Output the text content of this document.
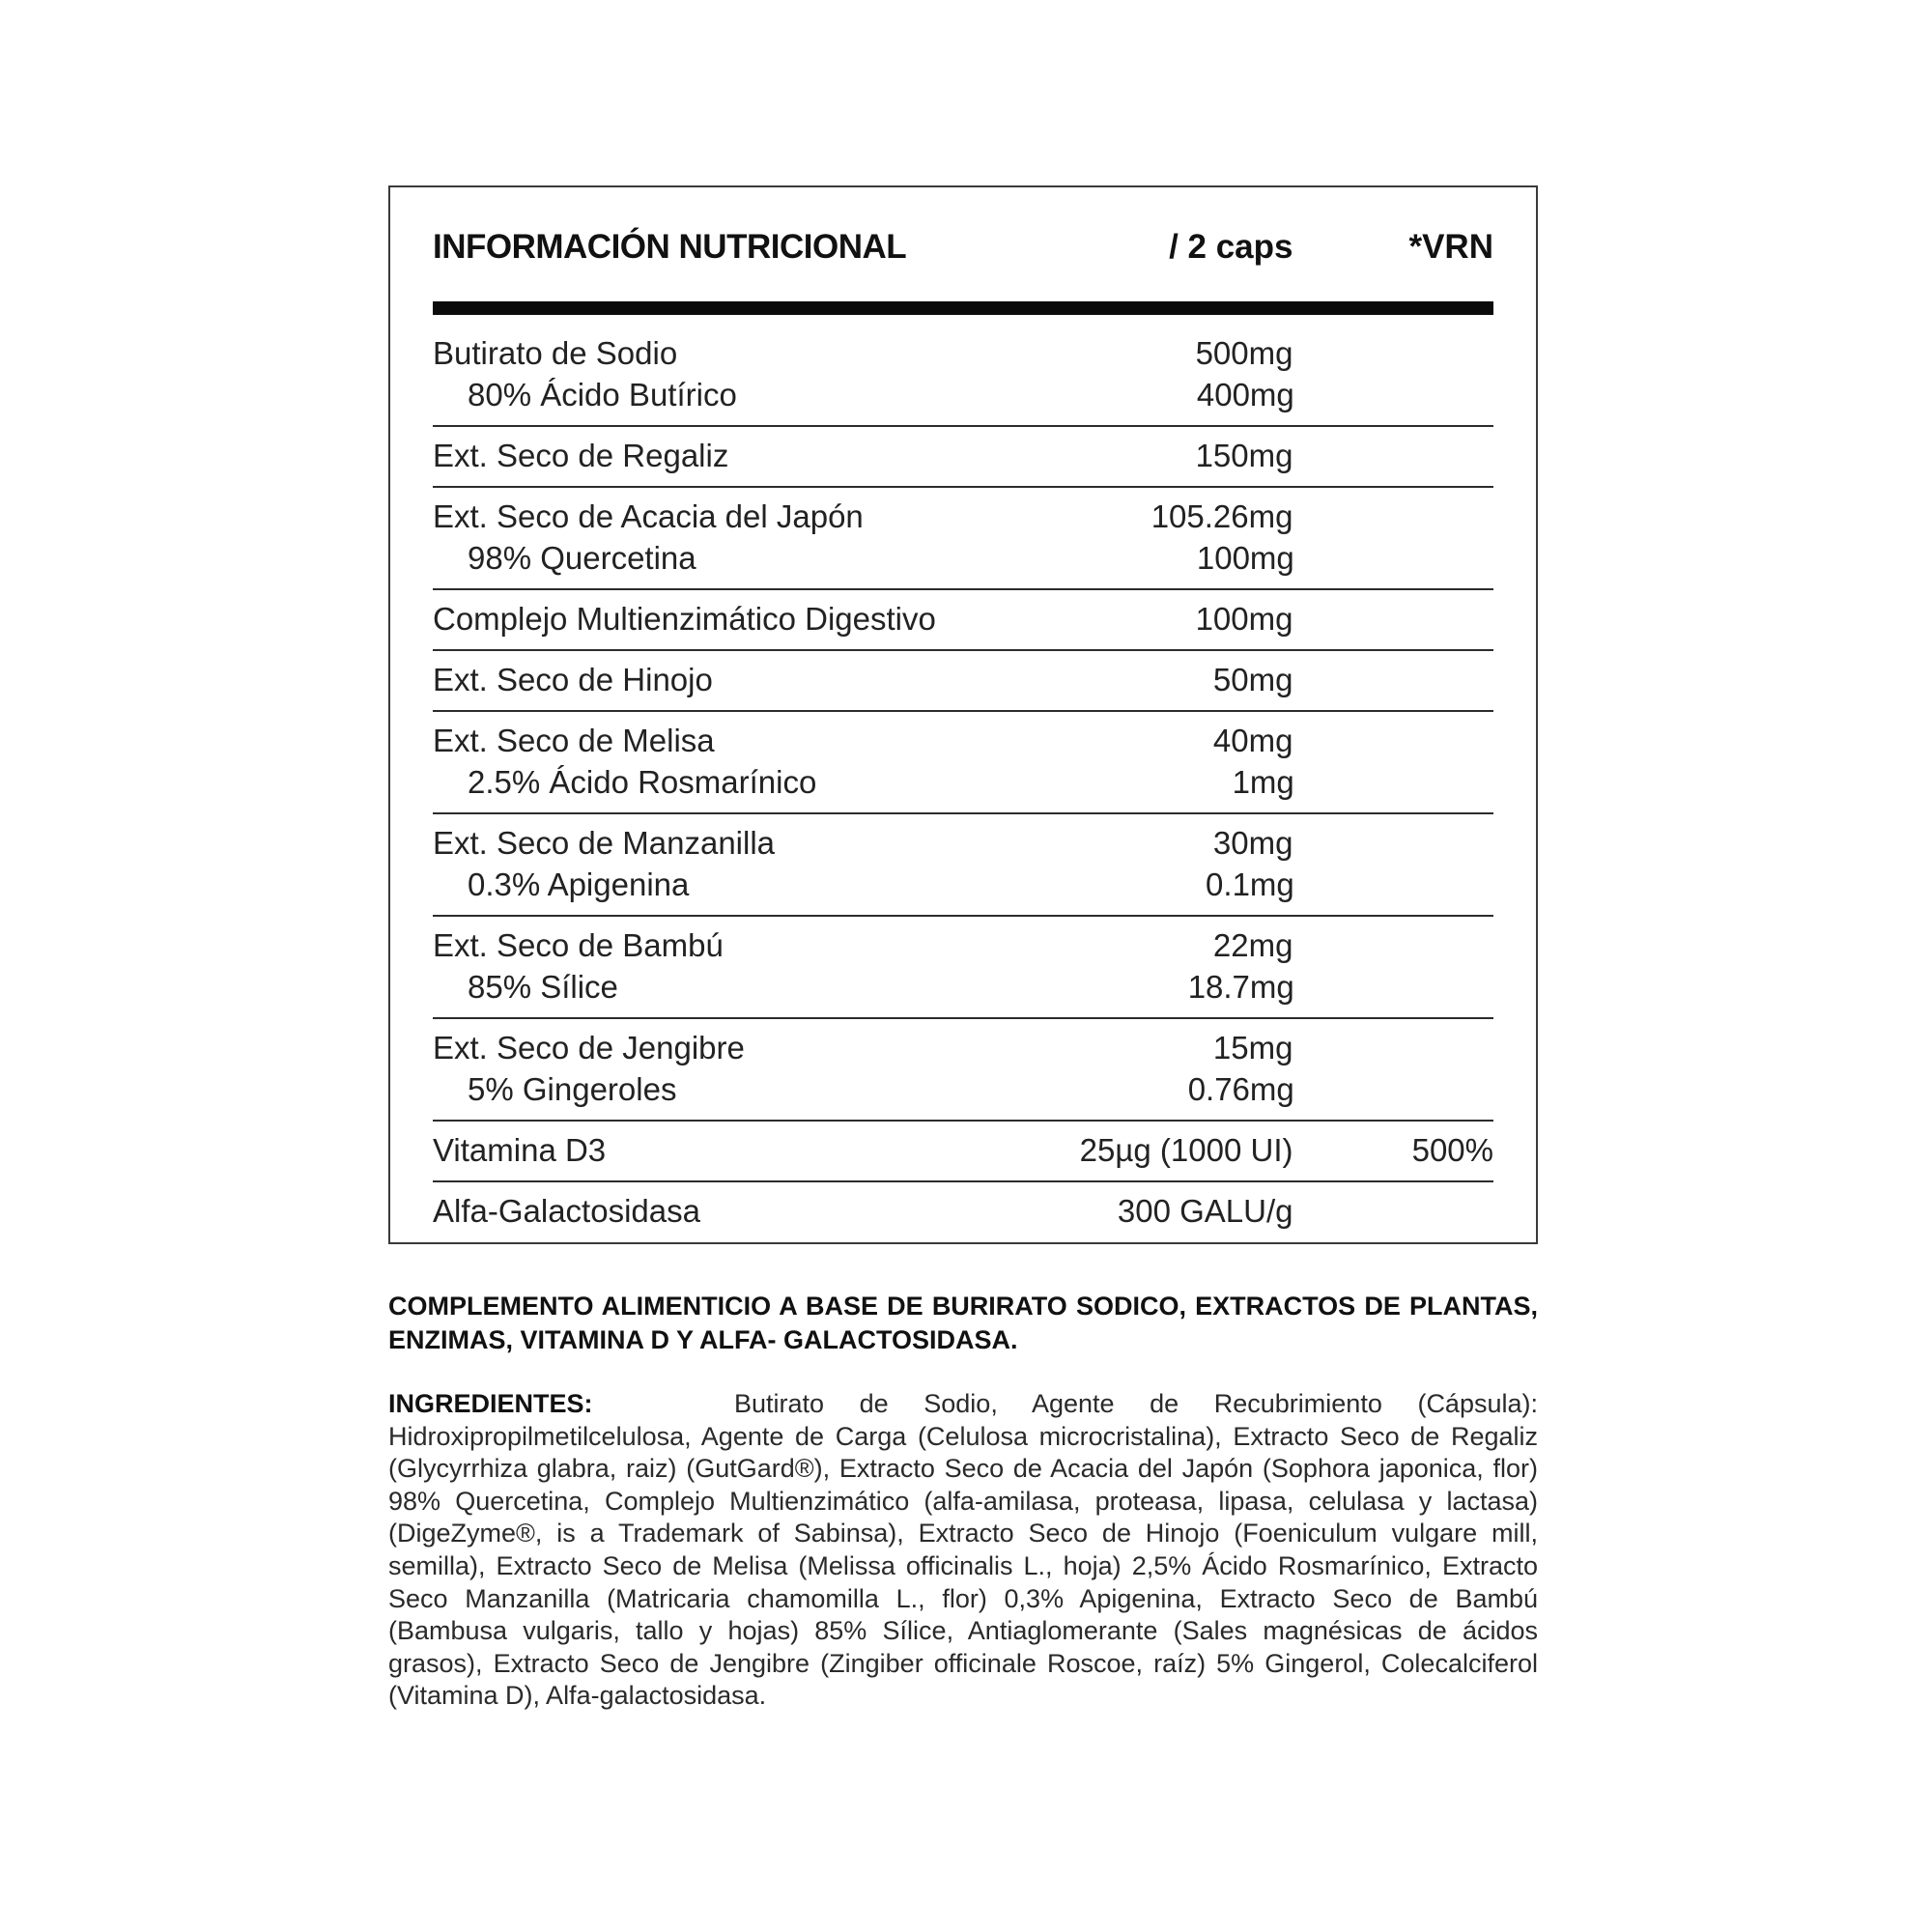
INFORMACIÓN NUTRICIONAL	/ 2 caps	*VRN
Butirato de Sodio	500mg
80% Ácido Butírico	400mg
Ext. Seco de Regaliz	150mg
Ext. Seco de Acacia del Japón	105.26mg
98% Quercetina	100mg
Complejo Multienzimático Digestivo	100mg
Ext. Seco de Hinojo	50mg
Ext. Seco de Melisa	40mg
2.5% Ácido Rosmarínico	1mg
Ext. Seco de Manzanilla	30mg
0.3% Apigenina	0.1mg
Ext. Seco de Bambú	22mg
85% Sílice	18.7mg
Ext. Seco de Jengibre	15mg
5% Gingeroles	0.76mg
Vitamina D3	25µg (1000 UI)	500%
Alfa-Galactosidasa	300 GALU/g
COMPLEMENTO ALIMENTICIO A BASE DE BURIRATO SODICO, EXTRACTOS DE PLANTAS, ENZIMAS, VITAMINA D Y ALFA- GALACTOSIDASA.
INGREDIENTES:	Butirato de Sodio, Agente de Recubrimiento (Cápsula): Hidroxipropilmetilcelulosa, Agente de Carga (Celulosa microcristalina), Extracto Seco de Regaliz (Glycyrrhiza glabra, raiz) (GutGard®), Extracto Seco de Acacia del Japón (Sophora japonica, flor) 98% Quercetina, Complejo Multienzimático (alfa-amilasa, proteasa, lipasa, celulasa y lactasa) (DigeZyme®, is a Trademark of Sabinsa), Extracto Seco de Hinojo (Foeniculum vulgare mill, semilla), Extracto Seco de Melisa (Melissa officinalis L., hoja) 2,5% Ácido Rosmarínico, Extracto Seco Manzanilla (Matricaria chamomilla L., flor) 0,3% Apigenina, Extracto Seco de Bambú (Bambusa vulgaris, tallo y hojas) 85% Sílice, Antiaglomerante (Sales magnésicas de ácidos grasos), Extracto Seco de Jengibre (Zingiber officinale Roscoe, raíz) 5% Gingerol, Colecalciferol (Vitamina D), Alfa-galactosidasa.
